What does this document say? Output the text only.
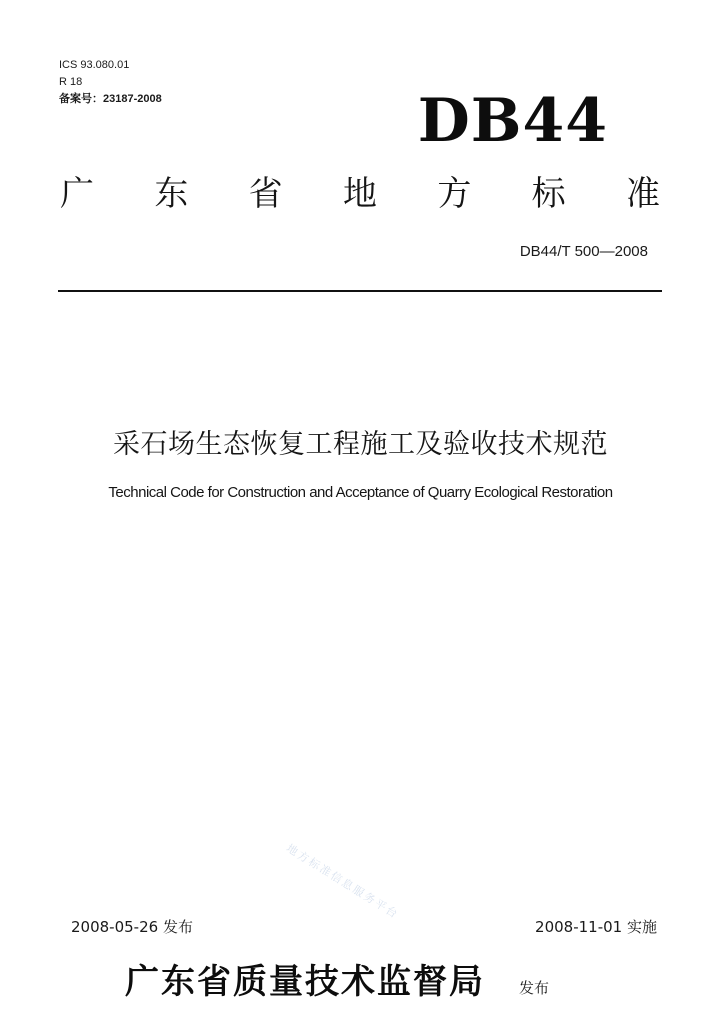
ICS 93.080.01
R 18
备案号：23187-2008	DB44
广 东 省 地 方 标 准
DB44/T 500—2008
采石场生态恢复工程施工及验收技术规范
Technical Code for Construction and Acceptance of Quarry Ecological Restoration
地方标准信息服务平台
2008-05-26 发布	2008-11-01 实施
广东省质量技术监督局 发布
